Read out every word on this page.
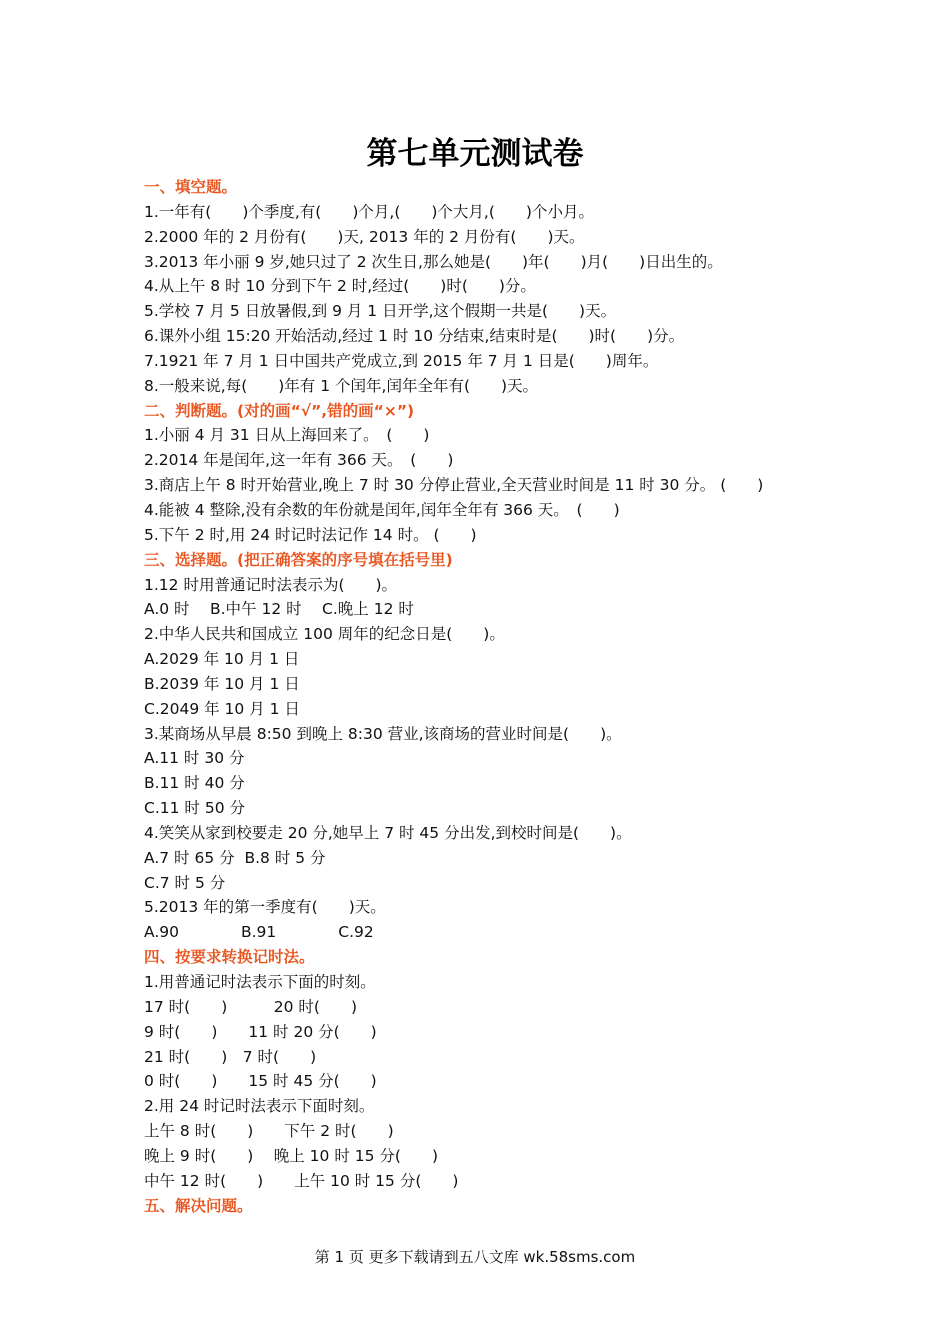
第七单元测试卷
一、填空题。
1.一年有(　　)个季度,有(　　)个月,(　　)个大月,(　　)个小月。
2.2000 年的 2 月份有(　　)天, 2013 年的 2 月份有(　　)天。
3.2013 年小丽 9 岁,她只过了 2 次生日,那么她是(　　)年(　　)月(　　)日出生的。
4.从上午 8 时 10 分到下午 2 时,经过(　　)时(　　)分。
5.学校 7 月 5 日放暑假,到 9 月 1 日开学,这个假期一共是(　　)天。
6.课外小组 15:20 开始活动,经过 1 时 10 分结束,结束时是(　　)时(　　)分。
7.1921 年 7 月 1 日中国共产党成立,到 2015 年 7 月 1 日是(　　)周年。
8.一般来说,每(　　)年有 1 个闰年,闰年全年有(　　)天。
二、判断题。(对的画“√”,错的画“×”)
1.小丽 4 月 31 日从上海回来了。　(　　)
2.2014 年是闰年,这一年有 366 天。　(　　)
3.商店上午 8 时开始营业,晚上 7 时 30 分停止营业,全天营业时间是 11 时 30 分。 (　　)
4.能被 4 整除,没有余数的年份就是闰年,闰年全年有 366 天。　(　　)
5.下午 2 时,用 24 时记时法记作 14 时。 (　　)
三、选择题。(把正确答案的序号填在括号里)
1.12 时用普通记时法表示为(　　)。
A.0 时　 B.中午 12 时　 C.晚上 12 时
2.中华人民共和国成立 100 周年的纪念日是(　　)。
A.2029 年 10 月 1 日
B.2039 年 10 月 1 日
C.2049 年 10 月 1 日
3.某商场从早晨 8:50 到晚上 8:30 营业,该商场的营业时间是(　　)。
A.11 时 30 分
B.11 时 40 分
C.11 时 50 分
4.笑笑从家到校要走 20 分,她早上 7 时 45 分出发,到校时间是(　　)。
A.7 时 65 分  B.8 时 5 分
C.7 时 5 分
5.2013 年的第一季度有(　　)天。
A.90　　　　B.91　　　　C.92
四、按要求转换记时法。
1.用普通记时法表示下面的时刻。
17 时(　　)　　　20 时(　　)
9 时(　　)　　11 时 20 分(　　)
21 时(　　)　7 时(　　)
0 时(　　)　　15 时 45 分(　　)
2.用 24 时记时法表示下面时刻。
上午 8 时(　　)　　下午 2 时(　　)
晚上 9 时(　　)　 晚上 10 时 15 分(　　)
中午 12 时(　　)　　上午 10 时 15 分(　　)
五、解决问题。
第 1 页 更多下载请到五八文库 wk.58sms.com
